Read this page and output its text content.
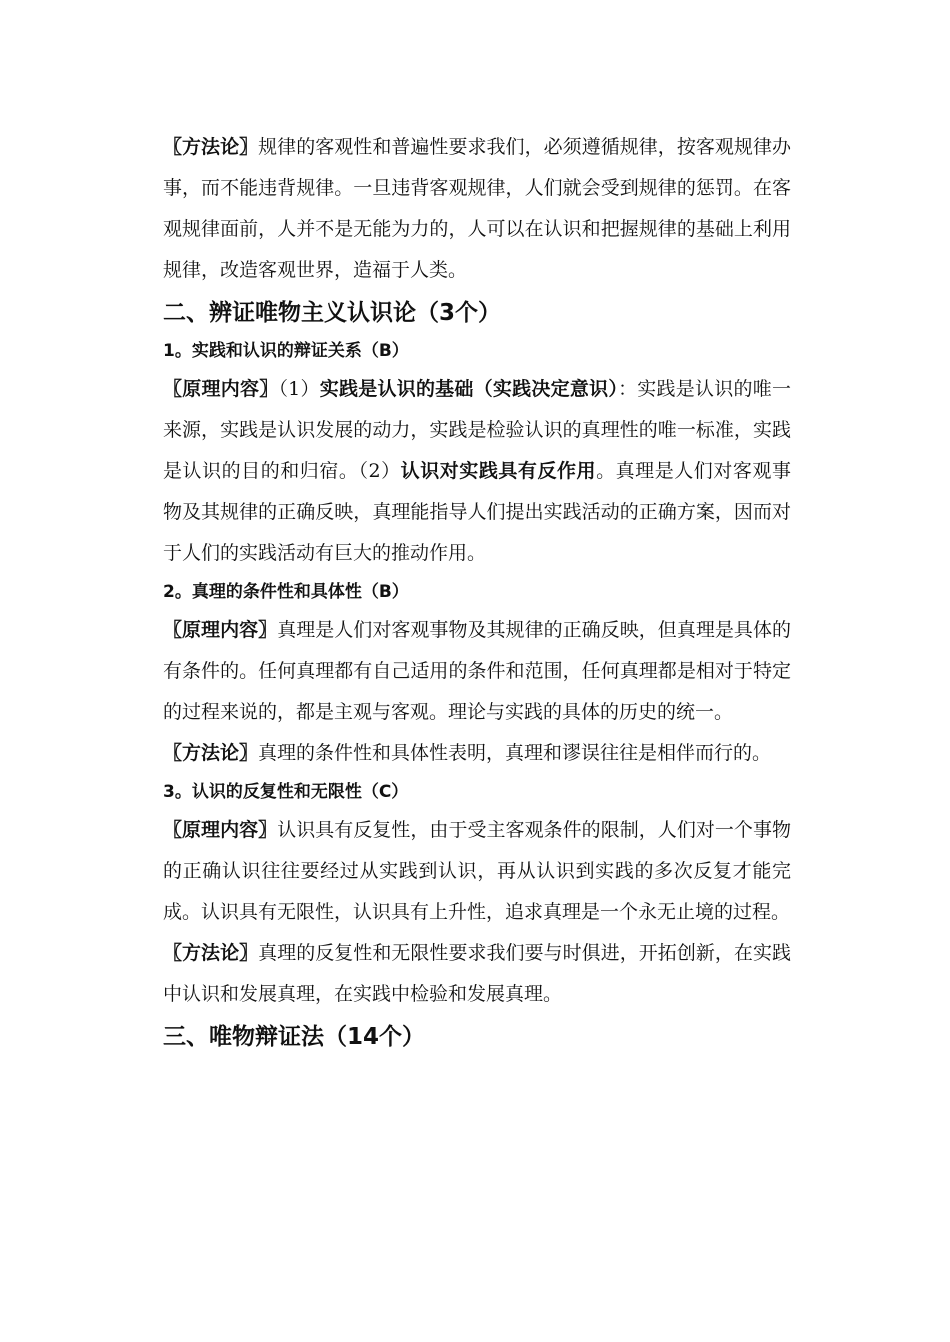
〖方法论〗规律的客观性和普遍性要求我们，必须遵循规律，按客观规律办事，而不能违背规律。一旦违背客观规律，人们就会受到规律的惩罚。在客观规律面前，人并不是无能为力的，人可以在认识和把握规律的基础上利用规律，改造客观世界，造福于人类。

二、辨证唯物主义认识论（3个）
1。实践和认识的辩证关系（B）

〖原理内容〗（1）实践是认识的基础（实践决定意识）：实践是认识的唯一来源，实践是认识发展的动力，实践是检验认识的真理性的唯一标准，实践是认识的目的和归宿。（2）认识对实践具有反作用。真理是人们对客观事物及其规律的正确反映，真理能指导人们提出实践活动的正确方案，因而对于人们的实践活动有巨大的推动作用。

2。真理的条件性和具体性（B）

〖原理内容〗真理是人们对客观事物及其规律的正确反映，但真理是具体的有条件的。任何真理都有自己适用的条件和范围，任何真理都是相对于特定的过程来说的，都是主观与客观。理论与实践的具体的历史的统一。

〖方法论〗真理的条件性和具体性表明，真理和谬误往往是相伴而行的。

3。认识的反复性和无限性（C）

〖原理内容〗认识具有反复性，由于受主客观条件的限制，人们对一个事物的正确认识往往要经过从实践到认识，再从认识到实践的多次反复才能完成。认识具有无限性，认识具有上升性，追求真理是一个永无止境的过程。

〖方法论〗真理的反复性和无限性要求我们要与时俱进，开拓创新，在实践中认识和发展真理，在实践中检验和发展真理。

三、唯物辩证法（14个）
